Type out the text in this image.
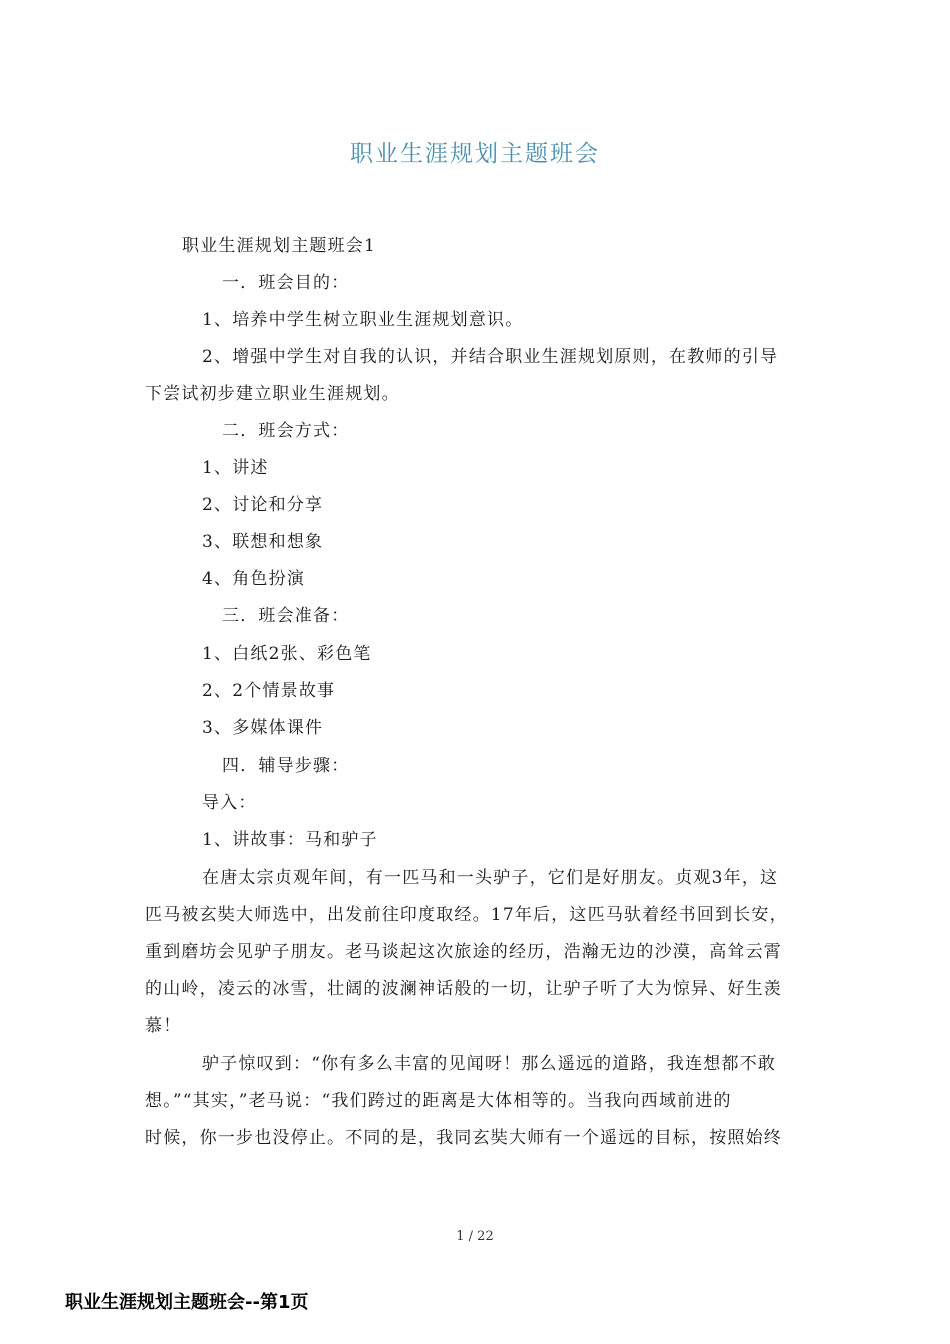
职业生涯规划主题班会
职业生涯规划主题班会1
一．班会目的：
1、培养中学生树立职业生涯规划意识。
2、增强中学生对自我的认识，并结合职业生涯规划原则，在教师的引导
下尝试初步建立职业生涯规划。
二．班会方式：
1、讲述
2、讨论和分享
3、联想和想象
4、角色扮演
三．班会准备：
1、白纸2张、彩色笔
2、2个情景故事
3、多媒体课件
四．辅导步骤：
导入：
1、讲故事：马和驴子
在唐太宗贞观年间，有一匹马和一头驴子，它们是好朋友。贞观3年，这
匹马被玄奘大师选中，出发前往印度取经。17年后，这匹马驮着经书回到长安，
重到磨坊会见驴子朋友。老马谈起这次旅途的经历，浩瀚无边的沙漠，高耸云霄
的山岭，凌云的冰雪，壮阔的波澜神话般的一切，让驴子听了大为惊异、好生羡
慕！
驴子惊叹到：“你有多么丰富的见闻呀！那么遥远的道路，我连想都不敢
想。”“其实，”老马说：“我们跨过的距离是大体相等的。当我向西域前进的
时候，你一步也没停止。不同的是，我同玄奘大师有一个遥远的目标，按照始终
1 / 22
职业生涯规划主题班会--第1页
